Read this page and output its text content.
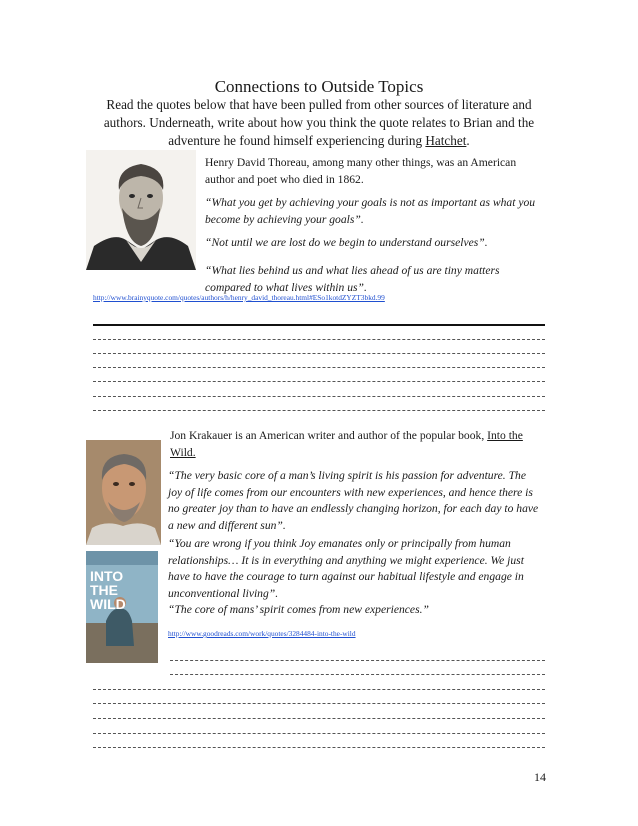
Connections to Outside Topics
Read the quotes below that have been pulled from other sources of literature and authors. Underneath, write about how you think the quote relates to Brian and the adventure he found himself experiencing during Hatchet.
Henry David Thoreau, among many other things, was an American author and poet who died in 1862.
“What you get by achieving your goals is not as important as what you become by achieving your goals”.
“Not until we are lost do we begin to understand ourselves”.
“What lies behind us and what lies ahead of us are tiny matters compared to what lives within us”.
http://www.brainyquote.com/quotes/authors/h/henry_david_thoreau.html#ESo1kotdZYZT3bkd.99
INTO THE WILD
Jon Krakauer is an American writer and author of the popular book, Into the Wild.
“The very basic core of a man’s living spirit is his passion for adventure. The joy of life comes from our encounters with new experiences, and hence there is no greater joy than to have an endlessly changing horizon, for each day to have a new and different sun”.
“You are wrong if you think Joy emanates only or principally from human relationships… It is in everything and anything we might experience. We just have to have the courage to turn against our habitual lifestyle and engage in unconventional living”.
“The core of mans’ spirit comes from new experiences.”
http://www.goodreads.com/work/quotes/3284484-into-the-wild
14
